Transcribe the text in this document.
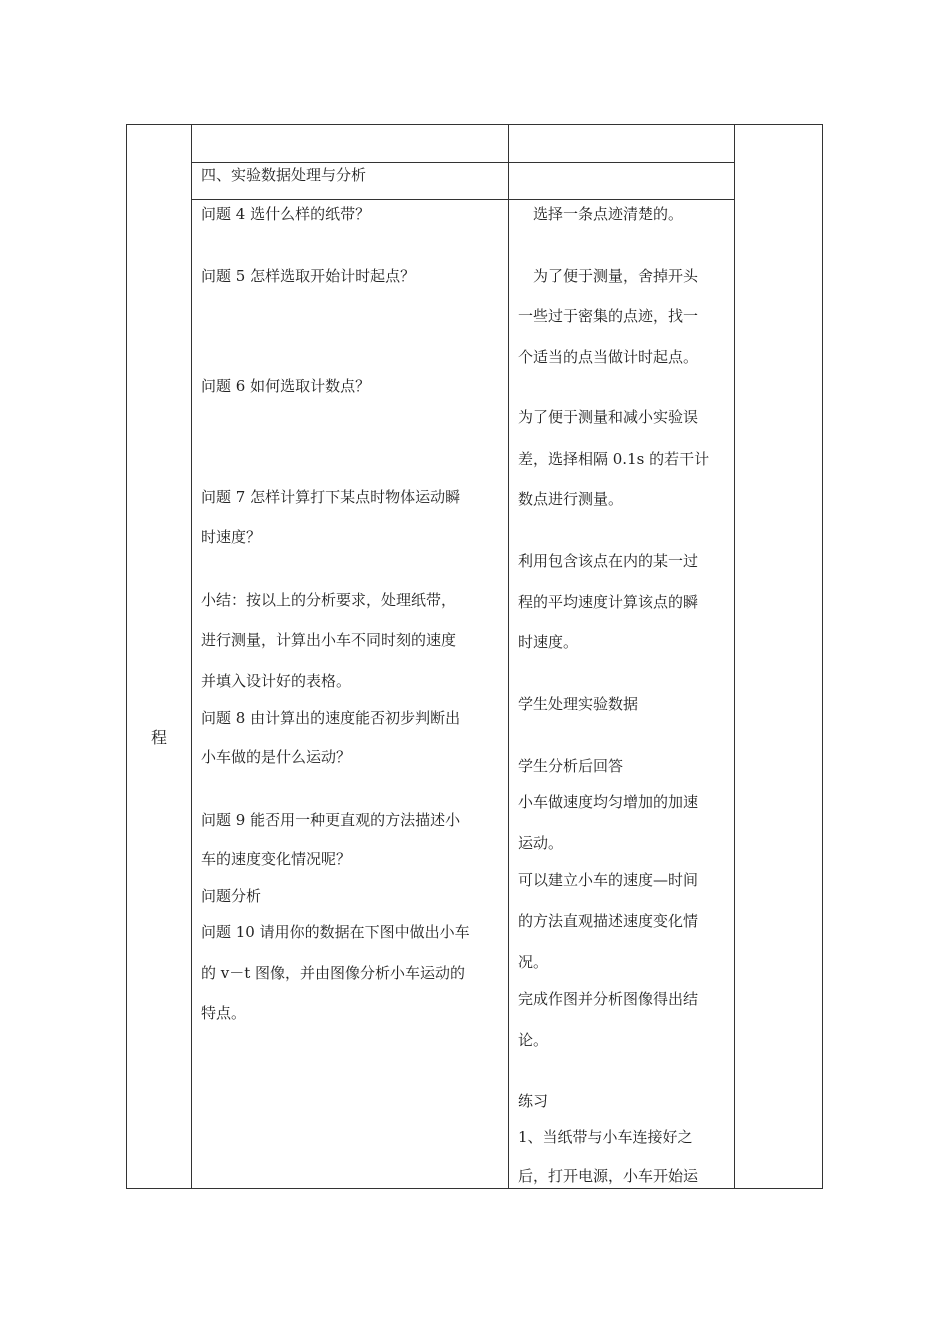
程
四、实验数据处理与分析
问题 4 选什么样的纸带？
问题 5 怎样选取开始计时起点？
问题 6 如何选取计数点？
问题 7 怎样计算打下某点时物体运动瞬
时速度？
小结：按以上的分析要求，处理纸带，
进行测量，计算出小车不同时刻的速度
并填入设计好的表格。
问题 8 由计算出的速度能否初步判断出
小车做的是什么运动？
问题 9 能否用一种更直观的方法描述小
车的速度变化情况呢？
问题分析
问题 10 请用你的数据在下图中做出小车
的 v－t 图像，并由图像分析小车运动的
特点。
选择一条点迹清楚的。
为了便于测量，舍掉开头
一些过于密集的点迹，找一
个适当的点当做计时起点。
为了便于测量和减小实验误
差，选择相隔 0.1s 的若干计
数点进行测量。
利用包含该点在内的某一过
程的平均速度计算该点的瞬
时速度。
学生处理实验数据
学生分析后回答
小车做速度均匀增加的加速
运动。
可以建立小车的速度—时间
的方法直观描述速度变化情
况。
完成作图并分析图像得出结
论。
练习
1、当纸带与小车连接好之
后，打开电源，小车开始运
